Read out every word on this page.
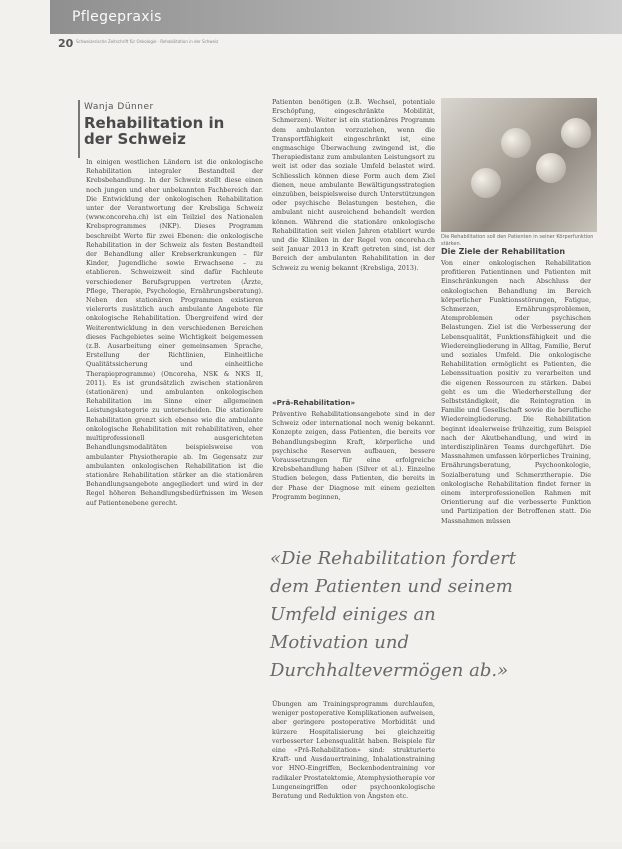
Pflegepraxis
20 Schweizerische Zeitschrift für Onkologie · Rehabilitation in der Schweiz
Wanja Dünner
Rehabilitation in der Schweiz

In einigen westlichen Ländern ist die onkologische Rehabilitation integraler Bestandteil der Krebsbehandlung. In der Schweiz stellt diese einen noch jungen und eher unbekannten Fachbereich dar. Die Entwicklung der onkologischen Rehabilitation unter der Verantwortung der Krebsliga Schweiz (www.oncoreha.ch) ist ein Teilziel des Nationalen Krebsprogrammes (NKP). Dieses Programm beschreibt Werte für zwei Ebenen: die onkologische Rehabilitation in der Schweiz als festen Bestandteil der Behandlung aller Krebserkrankungen – für Kinder, Jugendliche sowie Erwachsene – zu etablieren. Schweizweit sind dafür Fachleute verschiedener Berufsgruppen vertreten (Ärzte, Pflege, Therapie, Psychologie, Ernährungsberatung). Neben den stationären Programmen existieren vielerorts zusätzlich auch ambulante Angebote für onkologische Rehabilitation. Übergreifend wird der Weiterentwicklung in den verschiedenen Bereichen dieses Fachgebietes seine Wichtigkeit beigemessen (z.B. Ausarbeitung einer gemeinsamen Sprache, Erstellung der Richtlinien, Einheitliche Qualitätssicherung und einheitliche Therapieprogramme) (Oncoreha, NSK & NKS II, 2011). Es ist grundsätzlich zwischen stationären (stationären) und ambulanten onkologischen Rehabilitation im Sinne einer allgemeinen Leistungskategorie zu unterscheiden. Die stationäre Rehabilitation grenzt sich ebenso wie die ambulante onkologische Rehabilitation mit rehabilitativen, eher multiprofessionell ausgerichteten Behandlungsmodalitäten beispielsweise von ambulanter Physiotherapie ab. Im Gegensatz zur ambulanten onkologischen Rehabilitation ist die stationäre Rehabilitation stärker an die stationären Behandlungsangebote angegliedert und wird in der Regel höheren Behandlungsbedürfnissen im Wesen auf Patientenebene gerecht.

Patienten benötigen (z.B. Wechsel, potentiale Erschöpfung, eingeschränkte Mobilität, Schmerzen). Weiter ist ein stationäres Programm dem ambulanten vorzuziehen, wenn die Transportfähigkeit eingeschränkt ist, eine engmaschige Überwachung zwingend ist, die Therapiedistanz zum ambulanten Leistungsort zu weit ist oder das soziale Umfeld belastet wird. Schliesslich können diese Form auch dem Ziel dienen, neue ambulante Bewältigungsstrategien einzuüben, beispielsweise durch Unterstützungen oder psychische Belastungen bestehen, die ambulant nicht ausreichend behandelt werden können. Während die stationäre onkologische Rehabilitation seit vielen Jahren etabliert wurde und die Kliniken in der Regel von oncoreha.ch seit Januar 2013 in Kraft getreten sind, ist der Bereich der ambulanten Rehabilitation in der Schweiz zu wenig bekannt (Krebsliga, 2013).

«Prä-Rehabilitation»

Präventive Rehabilitationsangebote sind in der Schweiz oder international noch wenig bekannt. Konzepte zeigen, dass Patienten, die bereits vor Behandlungsbeginn Kraft, körperliche und psychische Reserven aufbauen, bessere Voraussetzungen für eine erfolgreiche Krebsbehandlung haben (Silver et al.). Einzelne Studien belegen, dass Patienten, die bereits in der Phase der Diagnose mit einem gezielten Programm beginnen,

«Die Rehabilitation fordert dem Patienten und seinem Umfeld einiges an Motivation und Durchhaltevermögen ab.»

Übungen am Trainingsprogramm durchlaufen, weniger postoperative Komplikationen aufweisen, aber geringere postoperative Morbidität und kürzere Hospitalisierung bei gleichzeitig verbesserter Lebensqualität haben. Beispiele für eine «Prä-Rehabilitation» sind: strukturierte Kraft- und Ausdauertraining, Inhalationstraining vor HNO-Eingriffen, Beckenbodentraining vor radikaler Prostatektomie, Atemphysiotherapie vor Lungeneingriffen oder psychoonkologische Beratung und Reduktion von Ängsten etc.

Die Rehabilitation soll den Patienten in seiner Körperfunktion stärken.
Die Ziele der Rehabilitation

Von einer onkologischen Rehabilitation profitieren Patientinnen und Patienten mit Einschränkungen nach Abschluss der onkologischen Behandlung im Bereich körperlicher Funktionsstörungen, Fatigue, Schmerzen, Ernährungsproblemen, Atemproblemen oder psychischen Belastungen. Ziel ist die Verbesserung der Lebensqualität, Funktionsfähigkeit und die Wiedereingliederung in Alltag, Familie, Beruf und soziales Umfeld. Die onkologische Rehabilitation ermöglicht es Patienten, die Lebenssituation positiv zu verarbeiten und die eigenen Ressourcen zu stärken. Dabei geht es um die Wiederherstellung der Selbstständigkeit, die Reintegration in Familie und Gesellschaft sowie die berufliche Wiedereingliederung. Die Rehabilitation beginnt idealerweise frühzeitig, zum Beispiel nach der Akutbehandlung, und wird in interdisziplinären Teams durchgeführt. Die Massnahmen umfassen körperliches Training, Ernährungsberatung, Psychoonkologie, Sozialberatung und Schmerztherapie. Die onkologische Rehabilitation findet ferner in einem interprofessionellen Rahmen mit Orientierung auf die verbesserte Funktion und Partizipation der Betroffenen statt. Die Massnahmen müssen
